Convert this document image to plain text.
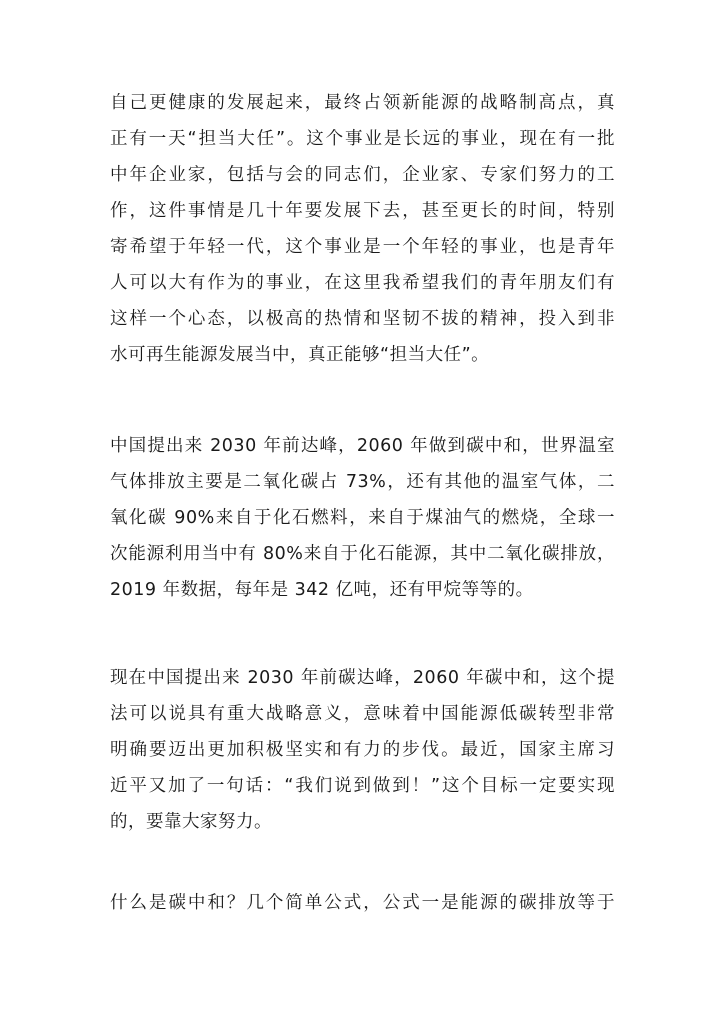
自己更健康的发展起来，最终占领新能源的战略制高点，真
正有一天“担当大任”。这个事业是长远的事业，现在有一批
中年企业家，包括与会的同志们，企业家、专家们努力的工
作，这件事情是几十年要发展下去，甚至更长的时间，特别
寄希望于年轻一代，这个事业是一个年轻的事业，也是青年
人可以大有作为的事业，在这里我希望我们的青年朋友们有
这样一个心态，以极高的热情和坚韧不拔的精神，投入到非
水可再生能源发展当中，真正能够“担当大任”。
中国提出来 2030 年前达峰，2060 年做到碳中和，世界温室
气体排放主要是二氧化碳占 73%，还有其他的温室气体，二
氧化碳 90%来自于化石燃料，来自于煤油气的燃烧，全球一
次能源利用当中有 80%来自于化石能源，其中二氧化碳排放，
2019 年数据，每年是 342 亿吨，还有甲烷等等的。
现在中国提出来 2030 年前碳达峰，2060 年碳中和，这个提
法可以说具有重大战略意义，意味着中国能源低碳转型非常
明确要迈出更加积极坚实和有力的步伐。最近，国家主席习
近平又加了一句话：“我们说到做到！”这个目标一定要实现
的，要靠大家努力。
什么是碳中和？几个简单公式，公式一是能源的碳排放等于
